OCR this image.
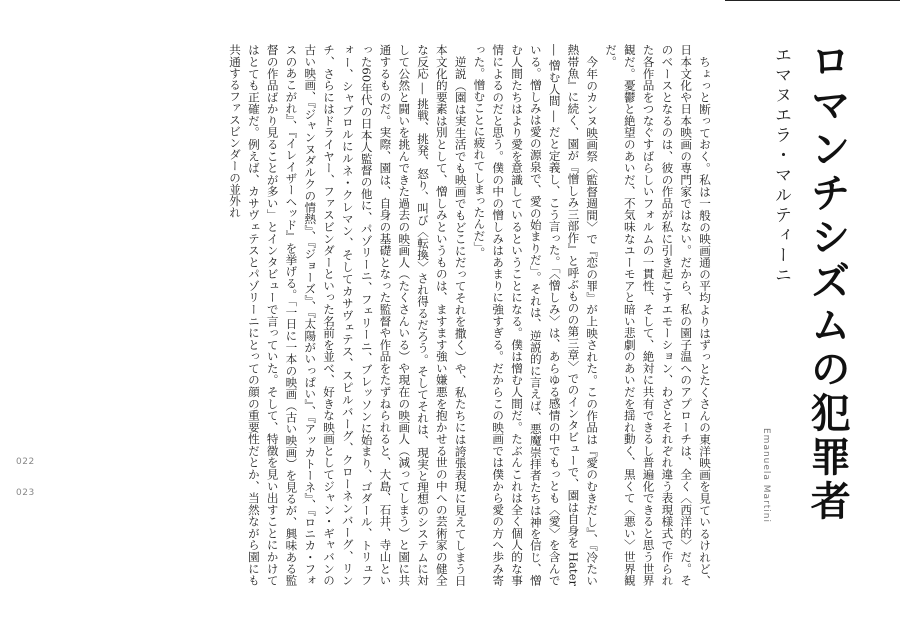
ロマンチシズムの犯罪者
エマヌエラ・マルティーニ
Emanuela Martini

ちょっと断っておく。私は一般の映画通の平均よりはずっとたくさんの東洋映画を見ているけれど、日本文化や日本映画の専門家ではない。だから、私の園子温へのアプローチは、全く〈西洋的〉だ。そのベースとなるのは、彼の作品が私に引き起こすエモーション、わざとそれぞれ違う表現様式で作られた各作品をつなぐすばらしいフォルムの一貫性、そして、絶対に共有できるし普遍化できると思う世界観だ。憂鬱と絶望のあいだ、不気味なユーモアと暗い悲劇のあいだを揺れ動く、黒くて〈悪い〉世界観だ。

今年のカンヌ映画祭〈監督週間〉で『恋の罪』が上映された。この作品は『愛のむきだし』、『冷たい熱帯魚』に続く、園が『憎しみ三部作』と呼ぶものの第三章〉でのインタビューで、園は自身を Hater ― 憎む人間 ― だと定義し、こう言った。「〈憎しみ〉は、あらゆる感情の中でもっとも〈愛〉を含んでいる。憎しみは愛の源泉で、愛の始まりだ」。それは、逆説的に言えば、悪魔崇拝者たちは神を信じ、憎む人間たちはより愛を意識しているということになる。僕は憎む人間だ。たぶんこれは全く個人的な事情によるのだと思う。僕の中の憎しみはあまりに強すぎる。だからこの映画では僕から愛の方へ歩み寄った。憎むことに疲れてしまったんだ」。

逆説（園は実生活でも映画でもどこにだってそれを撒く）や、私たちには誇張表現に見えてしまう日本文化的要素は別として、憎しみというものは、ますます強い嫌悪を抱かせる世の中への芸術家の健全な反応 ― 挑戦、挑発、怒り、叫び〈転換〉され得るだろう。そしてそれは、現実と理想のシステムに対して公然と闘いを挑んできた過去の映画人（たくさんいる）や現在の映画人（減ってしまう）と園に共通するものだ。実際、園は、自身の基礎となった監督や作品をたずねられると、大島、石井、寺山といった60年代の日本人監督の他に、パゾリーニ、フェリーニ、ブレッソンに始まり、ゴダール、トリュフォー、シャブロルにルネ・クレマン、そしてカサヴェテス、スピルバーグ、クローネンバーグ、リンチ、さらにはドライヤー、ファスビンダーといった名前を並べ、好きな映画としてジャン・ギャバンの古い映画、『ジャンヌダルクの情熱』、『ジョーズ』、『太陽がいっぱい』、『アッカトーネ』、『ロニカ・フォスのあこがれ』、『イレイザーヘッド』を挙げる。「一日に一本の映画（古い映画）を見るが、興味ある監督の作品ばかり見ることが多い」とインタビューで言っていた。そして、特徴を見い出すことにかけてはとても正確だ。例えば、カサヴェテスとパゾリーニにとっての顔の重要性だとか、当然ながら園にも共通するファスビンダーの並外れ

022
023
